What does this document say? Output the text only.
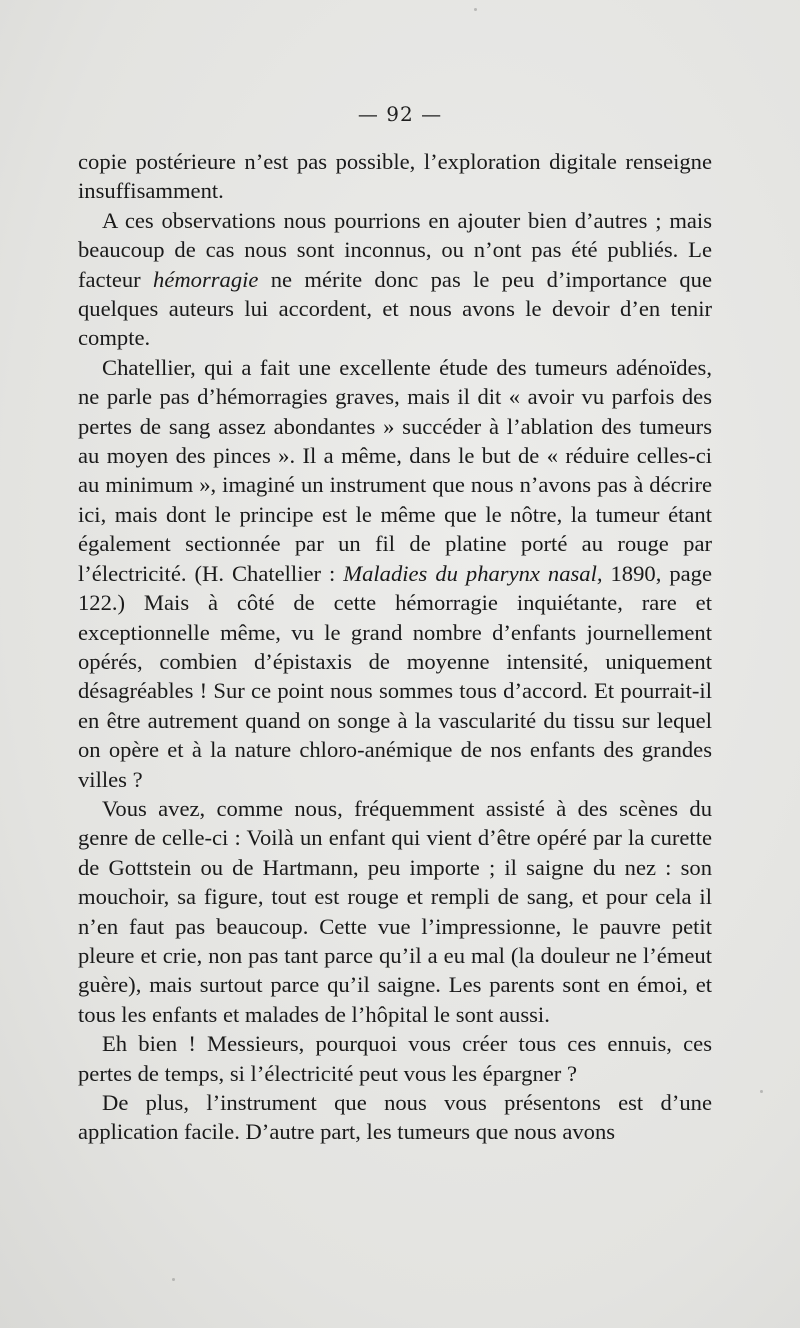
— 92 —

copie postérieure n’est pas possible, l’exploration digitale renseigne insuffisamment.

A ces observations nous pourrions en ajouter bien d’autres ; mais beaucoup de cas nous sont inconnus, ou n’ont pas été publiés. Le facteur hémorragie ne mérite donc pas le peu d’importance que quelques auteurs lui accordent, et nous avons le devoir d’en tenir compte.

Chatellier, qui a fait une excellente étude des tumeurs adénoïdes, ne parle pas d’hémorragies graves, mais il dit « avoir vu parfois des pertes de sang assez abondantes » succéder à l’ablation des tumeurs au moyen des pinces ». Il a même, dans le but de « réduire celles-ci au minimum », imaginé un instrument que nous n’avons pas à décrire ici, mais dont le principe est le même que le nôtre, la tumeur étant également sectionnée par un fil de platine porté au rouge par l’électricité. (H. Chatellier : Maladies du pharynx nasal, 1890, page 122.) Mais à côté de cette hémorragie inquiétante, rare et exceptionnelle même, vu le grand nombre d’enfants journellement opérés, combien d’épistaxis de moyenne intensité, uniquement désagréables ! Sur ce point nous sommes tous d’accord. Et pourrait-il en être autrement quand on songe à la vascularité du tissu sur lequel on opère et à la nature chloro-anémique de nos enfants des grandes villes ?

Vous avez, comme nous, fréquemment assisté à des scènes du genre de celle-ci : Voilà un enfant qui vient d’être opéré par la curette de Gottstein ou de Hartmann, peu importe ; il saigne du nez : son mouchoir, sa figure, tout est rouge et rempli de sang, et pour cela il n’en faut pas beaucoup. Cette vue l’impressionne, le pauvre petit pleure et crie, non pas tant parce qu’il a eu mal (la douleur ne l’émeut guère), mais surtout parce qu’il saigne. Les parents sont en émoi, et tous les enfants et malades de l’hôpital le sont aussi.

Eh bien ! Messieurs, pourquoi vous créer tous ces ennuis, ces pertes de temps, si l’électricité peut vous les épargner ?

De plus, l’instrument que nous vous présentons est d’une application facile. D’autre part, les tumeurs que nous avons
